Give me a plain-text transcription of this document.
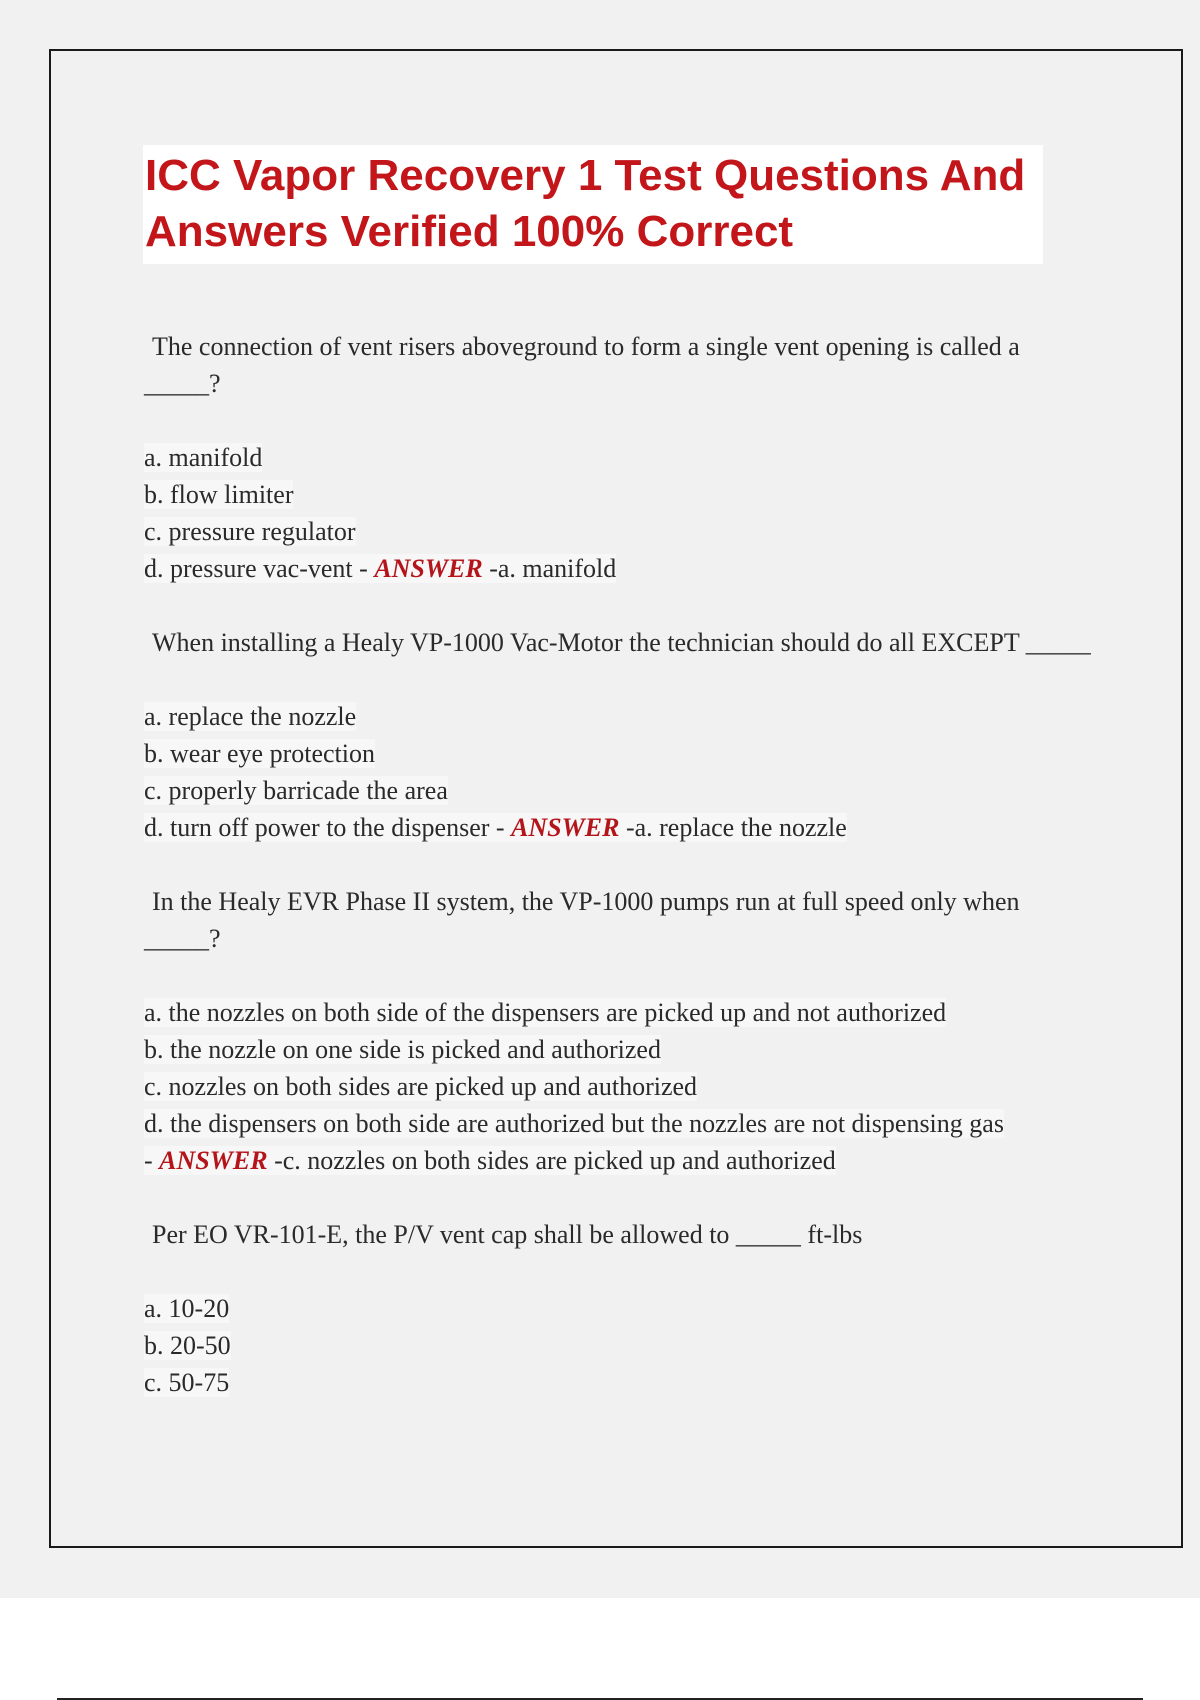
ICC Vapor Recovery 1 Test Questions And Answers Verified 100% Correct

The connection of vent risers aboveground to form a single vent opening is called a _____?

a. manifold

b. flow limiter

c. pressure regulator

d. pressure vac-vent - ANSWER -a. manifold

When installing a Healy VP-1000 Vac-Motor the technician should do all EXCEPT _____

a. replace the nozzle

b. wear eye protection

c. properly barricade the area

d. turn off power to the dispenser - ANSWER -a. replace the nozzle

In the Healy EVR Phase II system, the VP-1000 pumps run at full speed only when _____?

a. the nozzles on both side of the dispensers are picked up and not authorized

b. the nozzle on one side is picked and authorized

c. nozzles on both sides are picked up and authorized

d. the dispensers on both side are authorized but the nozzles are not dispensing gas

- ANSWER -c. nozzles on both sides are picked up and authorized

Per EO VR-101-E, the P/V vent cap shall be allowed to _____ ft-lbs

a. 10-20

b. 20-50

c. 50-75
